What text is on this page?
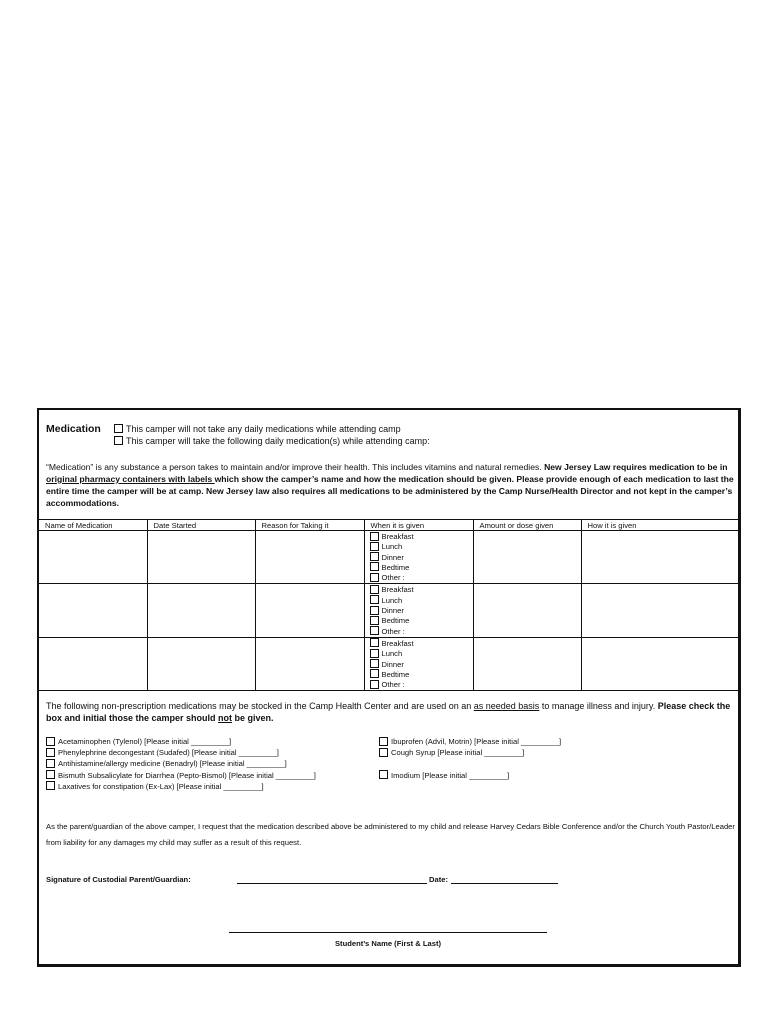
Medication	This camper will not take any daily medications while attending camp
This camper will take the following daily medication(s) while attending camp:
“Medication” is any substance a person takes to maintain and/or improve their health. This includes vitamins and natural remedies. New Jersey Law requires medication to be in original pharmacy containers with labels which show the camper’s name and how the medication should be given. Please provide enough of each medication to last the entire time the camper will be at camp. New Jersey law also requires all medications to be administered by the Camp Nurse/Health Director and not kept in the camper’s accommodations.
Name of Medication	Date Started	Reason for Taking it	When it is given	Amount or dose given	How it is given

			Breakfast
Lunch
Dinner
Bedtime
Other :		

			Breakfast
Lunch
Dinner
Bedtime
Other :		

			Breakfast
Lunch
Dinner
Bedtime
Other :		

The following non-prescription medications may be stocked in the Camp Health Center and are used on an as needed basis to manage illness and injury. Please check the box and initial those the camper should not be given.
Acetaminophen (Tylenol) [Please initial _________]
Phenylephrine decongestant (Sudafed) [Please initial _________]
Antihistamine/allergy medicine (Benadryl) [Please initial _________]
Bismuth Subsalicylate for Diarrhea (Pepto-Bismol) [Please initial _________]
Laxatives for constipation (Ex-Lax) [Please initial _________]
Ibuprofen (Advil, Motrin) [Please initial _________]
Cough Syrup [Please initial _________]
Imodium [Please initial _________]
As the parent/guardian of the above camper, I request that the medication described above be administered to my child and release Harvey Cedars Bible Conference and/or the Church Youth Pastor/Leader from liability for any damages my child may suffer as a result of this request.
Signature of Custodial Parent/Guardian:	Date:
Student’s Name (First & Last)
